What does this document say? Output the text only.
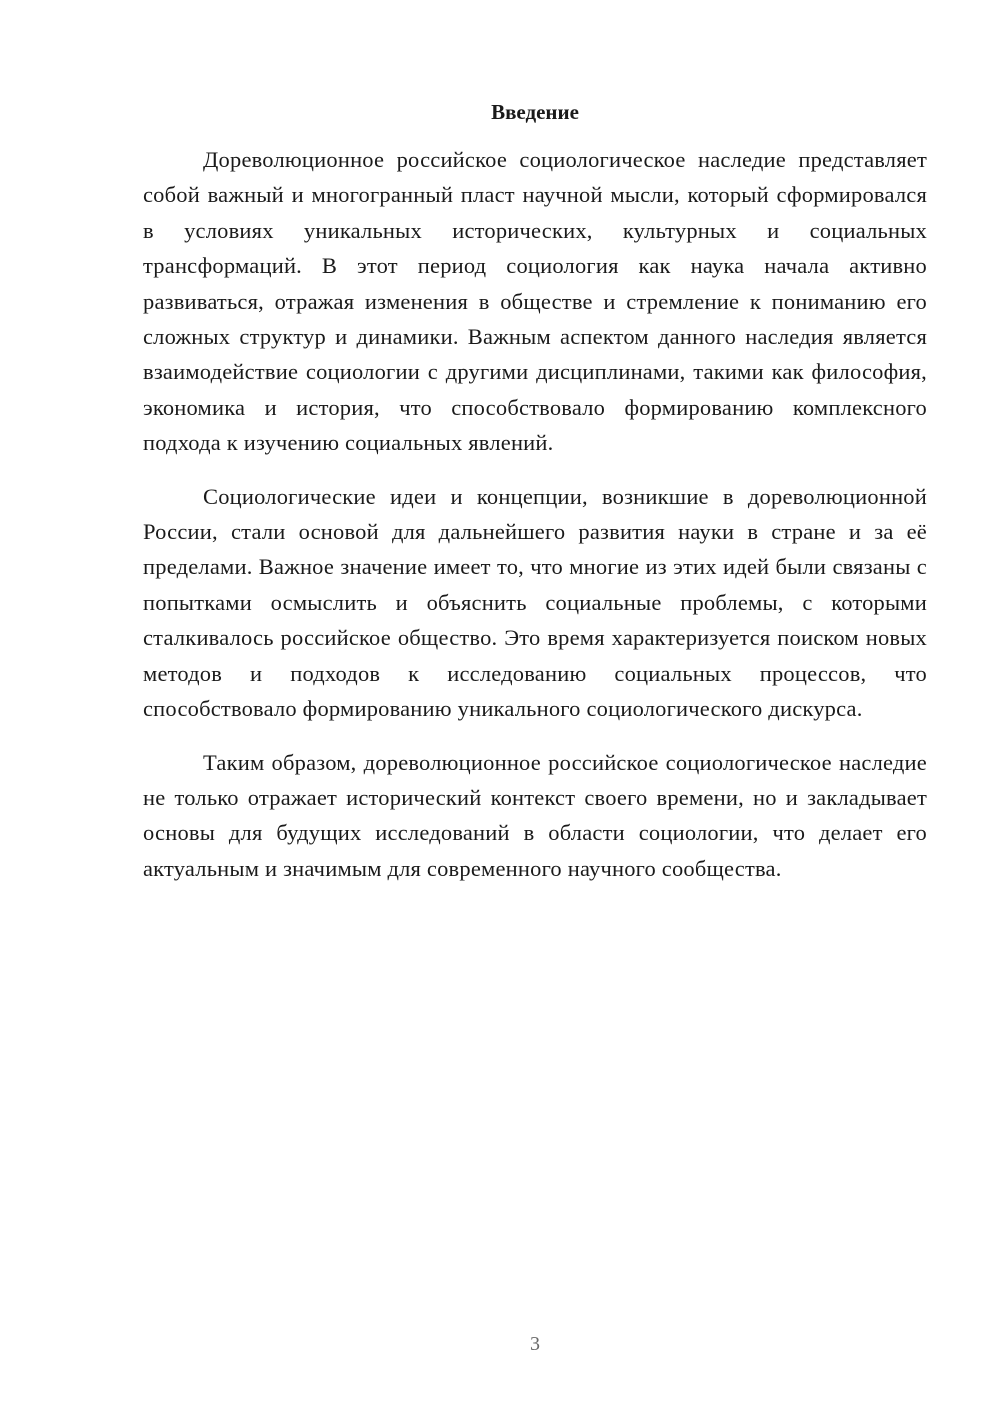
Введение

Дореволюционное российское социологическое наследие представляет собой важный и многогранный пласт научной мысли, который сформировался в условиях уникальных исторических, культурных и социальных трансформаций. В этот период социология как наука начала активно развиваться, отражая изменения в обществе и стремление к пониманию его сложных структур и динамики. Важным аспектом данного наследия является взаимодействие социологии с другими дисциплинами, такими как философия, экономика и история, что способствовало формированию комплексного подхода к изучению социальных явлений.

Социологические идеи и концепции, возникшие в дореволюционной России, стали основой для дальнейшего развития науки в стране и за её пределами. Важное значение имеет то, что многие из этих идей были связаны с попытками осмыслить и объяснить социальные проблемы, с которыми сталкивалось российское общество. Это время характеризуется поиском новых методов и подходов к исследованию социальных процессов, что способствовало формированию уникального социологического дискурса.

Таким образом, дореволюционное российское социологическое наследие не только отражает исторический контекст своего времени, но и закладывает основы для будущих исследований в области социологии, что делает его актуальным и значимым для современного научного сообщества.

3
